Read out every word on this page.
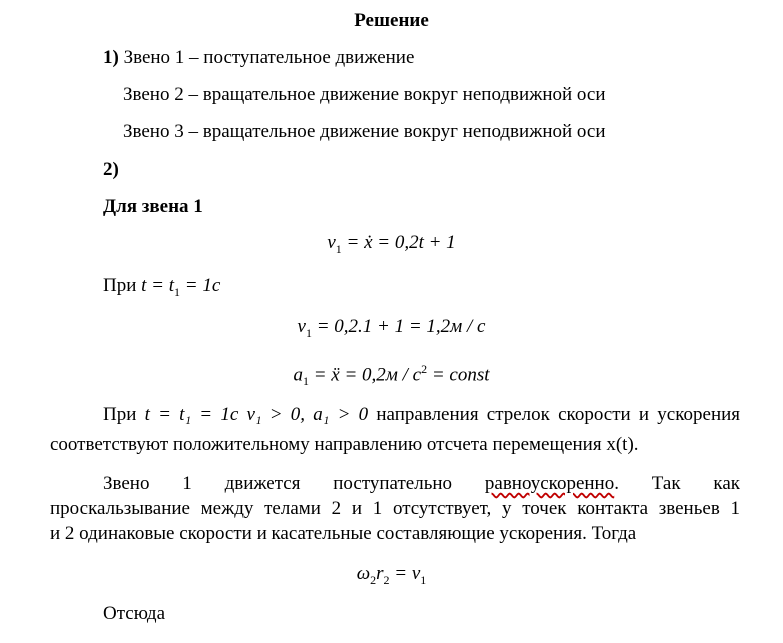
Решение
1) Звено 1 – поступательное движение
Звено 2 – вращательное движение вокруг неподвижной оси
Звено 3 – вращательное движение вокруг неподвижной оси
2)
Для звена 1
$v_1$ = ẋ = 0,2t + 1
При $t = t_1 = 1c$
$v_1 = 0,2.1 + 1 = 1,2м / с$
$a_1$ = ẍ = $0,2м / с^2$ = const
При t = t₁ = 1c v₁ > 0, a₁ > 0 направления стрелок скорости и ускорения
соответствуют положительному направлению отсчета перемещения x(t).
Звено 1 движется поступательно равноускоренно. Так как
проскальзывание между телами 2 и 1 отсутствует, у точек контакта звеньев 1
и 2 одинаковые скорости и касательные составляющие ускорения. Тогда
$\omega_2r_2 = v_1$
Отсюда
